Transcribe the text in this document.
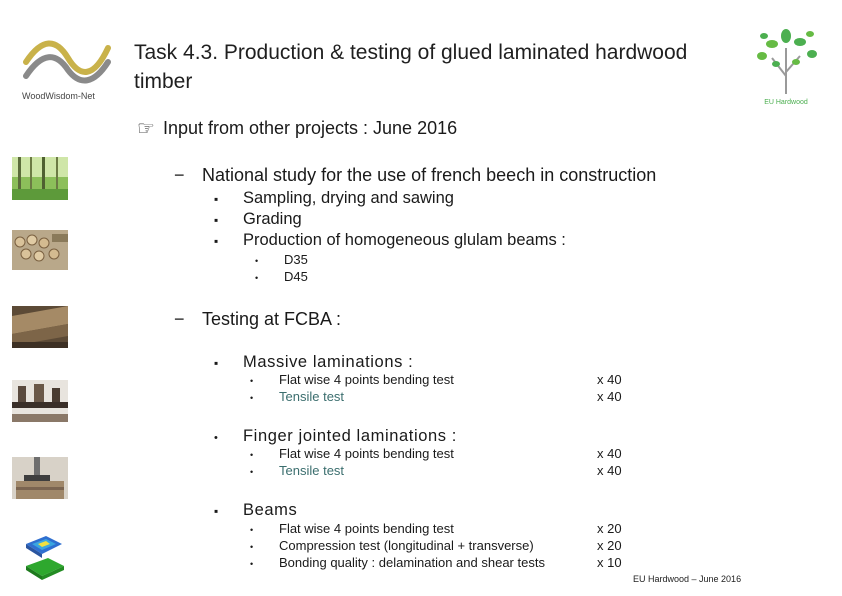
WoodWisdom-Net
EU Hardwood
Task 4.3. Production & testing of glued laminated hardwood timber
☞ Input from other projects : June 2016
− National study for the use of french beech in construction
▪ Sampling, drying and sawing
▪ Grading
▪ Production of homogeneous glulam beams :
• D35
• D45
− Testing at FCBA :
▪ Massive laminations :
• Flat wise 4 points bending test	x 40
• Tensile test	x 40
• Finger jointed laminations :
• Flat wise 4 points bending test	x 40
• Tensile test	x 40
▪ Beams
• Flat wise 4 points bending test	x 20
• Compression test (longitudinal + transverse)	x 20
• Bonding quality : delamination and shear tests	x 10
EU Hardwood – June 2016
